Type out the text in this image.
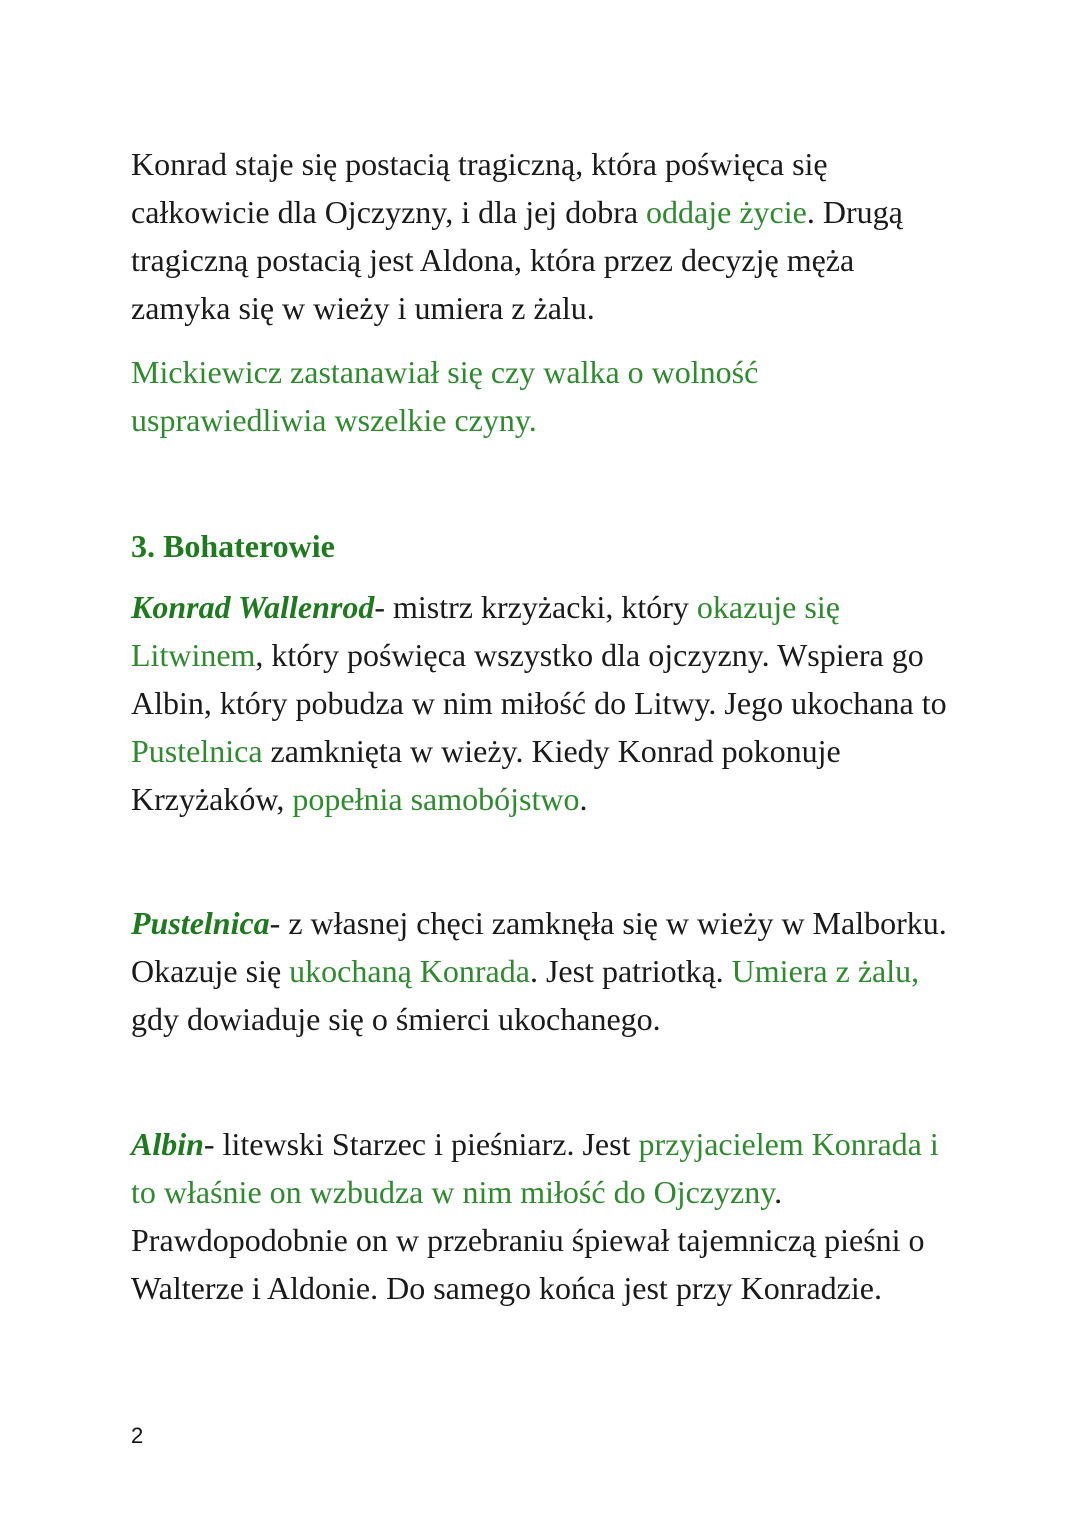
Konrad staje się postacią tragiczną, która poświęca się całkowicie dla Ojczyzny, i dla jej dobra oddaje życie. Drugą tragiczną postacią jest Aldona, która przez decyzję męża zamyka się w wieży i umiera z żalu.

Mickiewicz zastanawiał się czy walka o wolność usprawiedliwia wszelkie czyny.

3. Bohaterowie

Konrad Wallenrod- mistrz krzyżacki, który okazuje się Litwinem, który poświęca wszystko dla ojczyzny. Wspiera go Albin, który pobudza w nim miłość do Litwy. Jego ukochana to Pustelnica zamknięta w wieży. Kiedy Konrad pokonuje Krzyżaków, popełnia samobójstwo.

Pustelnica- z własnej chęci zamknęła się w wieży w Malborku. Okazuje się ukochaną Konrada. Jest patriotką. Umiera z żalu, gdy dowiaduje się o śmierci ukochanego.

Albin- litewski Starzec i pieśniarz. Jest przyjacielem Konrada i to właśnie on wzbudza w nim miłość do Ojczyzny. Prawdopodobnie on w przebraniu śpiewał tajemniczą pieśni o Walterze i Aldonie. Do samego końca jest przy Konradzie.

2
